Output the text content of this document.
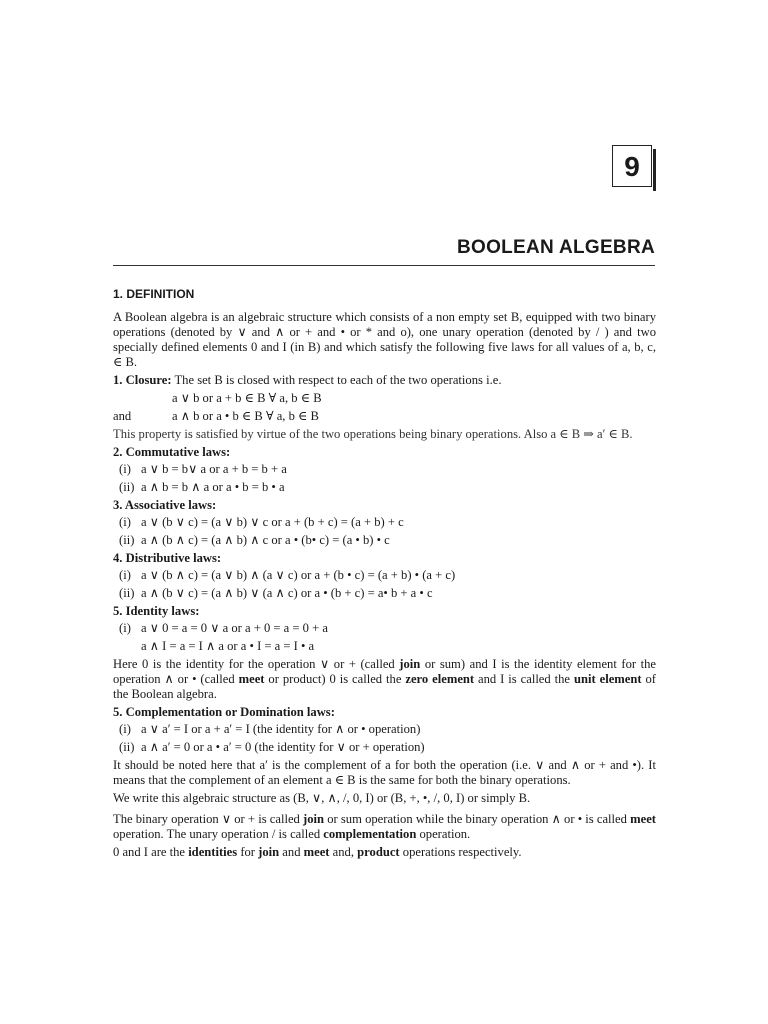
9
BOOLEAN ALGEBRA
1. DEFINITION
A Boolean algebra is an algebraic structure which consists of a non empty set B, equipped with two binary operations (denoted by ∨ and ∧ or + and • or * and o), one unary operation (denoted by / ) and two specially defined elements 0 and I (in B) and which satisfy the following five laws for all values of a, b, c, ∈ B.
1. Closure: The set B is closed with respect to each of the two operations i.e.
a ∨ b or a + b ∈ B ∀ a, b ∈ B
and	a ∧ b or a • b ∈ B ∀ a, b ∈ B
This property is satisfied by virtue of the two operations being binary operations. Also a ∈ B ⇒ a′ ∈ B.
2. Commutative laws:
(i) a ∨ b = b∨ a or a + b = b + a
(ii) a ∧ b = b ∧ a or a • b = b • a
3. Associative laws:
(i) a ∨ (b ∨ c) = (a ∨ b) ∨ c or a + (b + c) = (a + b) + c
(ii) a ∧ (b ∧ c) = (a ∧ b) ∧ c or a • (b• c) = (a • b) • c
4. Distributive laws:
(i) a ∨ (b ∧ c) = (a ∨ b) ∧ (a ∨ c) or a + (b • c) = (a + b) • (a + c)
(ii) a ∧ (b ∨ c) = (a ∧ b) ∨ (a ∧ c) or a • (b + c) = a• b + a • c
5. Identity laws:
(i) a ∨ 0 = a = 0 ∨ a or a + 0 = a = 0 + a
a ∧ I = a = I ∧ a or a • I = a = I • a
Here 0 is the identity for the operation ∨ or + (called join or sum) and I is the identity element for the operation ∧ or • (called meet or product) 0 is called the zero element and I is called the unit element of the Boolean algebra.
5. Complementation or Domination laws:
(i) a ∨ a′ = I or a + a′ = I (the identity for ∧ or • operation)
(ii) a ∧ a′ = 0 or a • a′ = 0 (the identity for ∨ or + operation)
It should be noted here that a′ is the complement of a for both the operation (i.e. ∨ and ∧ or + and •). It means that the complement of an element a ∈ B is the same for both the binary operations.
We write this algebraic structure as (B, ∨, ∧, /, 0, I) or (B, +, •, /, 0, I) or simply B.
The binary operation ∨ or + is called join or sum operation while the binary operation ∧ or • is called meet operation. The unary operation / is called complementation operation.
0 and I are the identities for join and meet and, product operations respectively.
